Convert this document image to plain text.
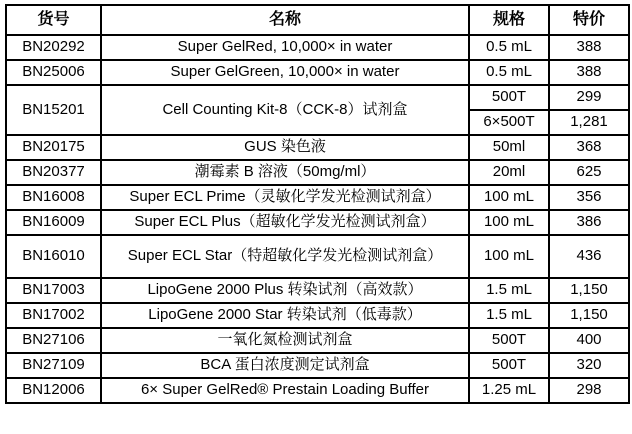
货号	名称	规格	特价
BN20292	Super GelRed, 10,000× in water	0.5 mL	388
BN25006	Super GelGreen, 10,000× in water	0.5 mL	388
BN15201	Cell Counting Kit-8（CCK-8）试剂盒	500T	299
		6×500T	1,281
BN20175	GUS 染色液	50ml	368
BN20377	潮霉素 B 溶液（50mg/ml）	20ml	625
BN16008	Super ECL Prime（灵敏化学发光检测试剂盒）	100 mL	356
BN16009	Super ECL Plus（超敏化学发光检测试剂盒）	100 mL	386
BN16010	Super ECL Star（特超敏化学发光检测试剂盒）	100 mL	436
BN17003	LipoGene 2000 Plus 转染试剂（高效款）	1.5 mL	1,150
BN17002	LipoGene 2000 Star 转染试剂（低毒款）	1.5 mL	1,150
BN27106	一氧化氮检测试剂盒	500T	400
BN27109	BCA 蛋白浓度测定试剂盒	500T	320
BN12006	6× Super GelRed® Prestain Loading Buffer	1.25 mL	298
